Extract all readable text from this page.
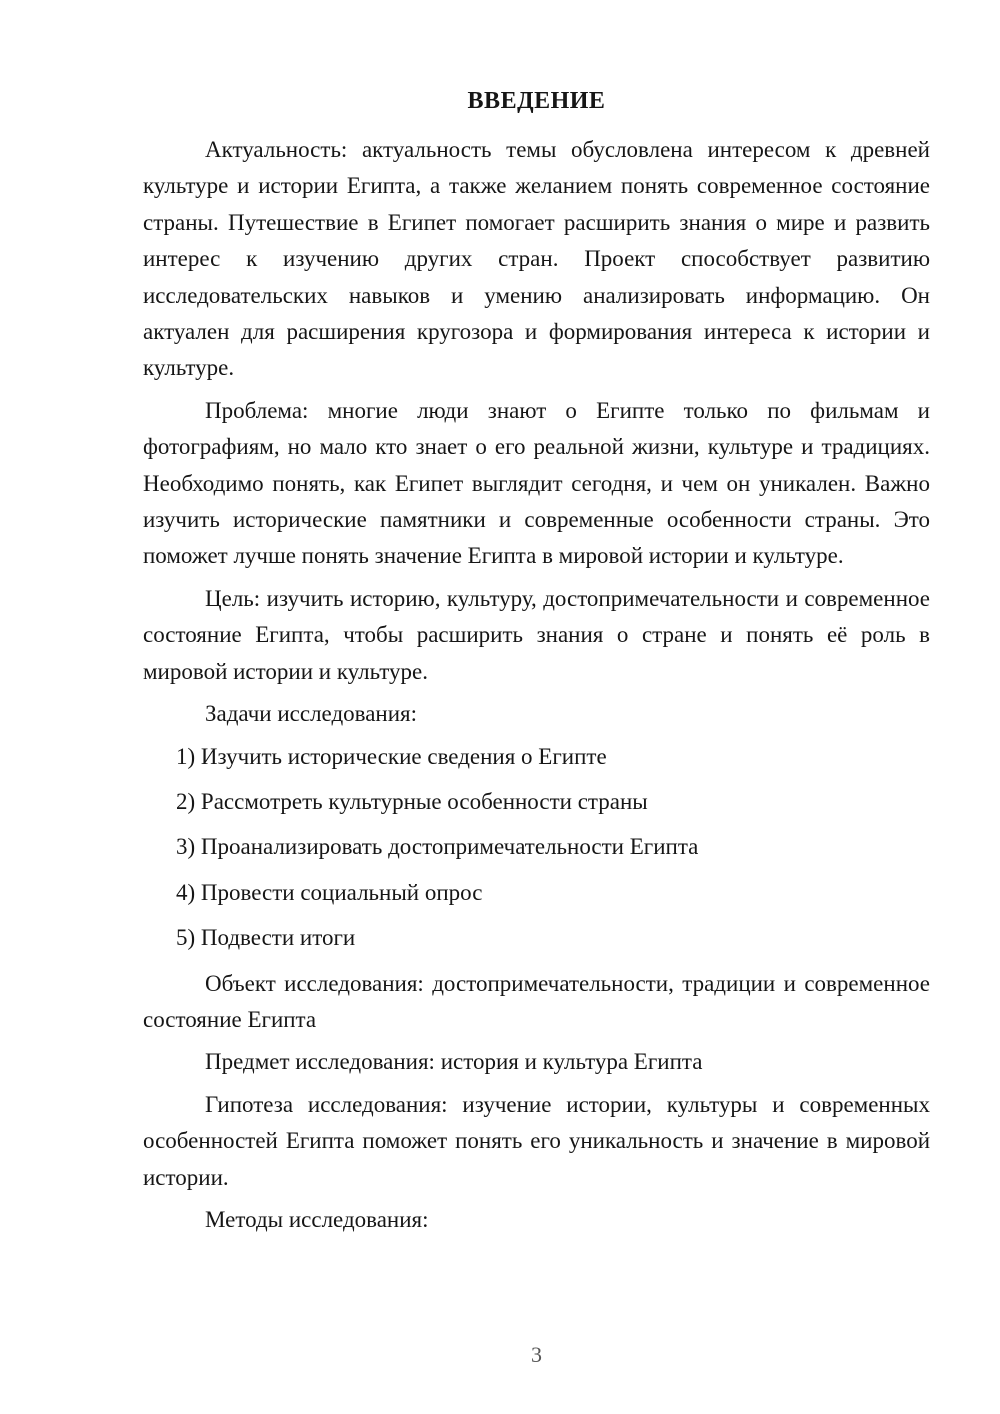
ВВЕДЕНИЕ

Актуальность: актуальность темы обусловлена интересом к древней культуре и истории Египта, а также желанием понять современное состояние страны. Путешествие в Египет помогает расширить знания о мире и развить интерес к изучению других стран. Проект способствует развитию исследовательских навыков и умению анализировать информацию. Он актуален для расширения кругозора и формирования интереса к истории и культуре.

Проблема: многие люди знают о Египте только по фильмам и фотографиям, но мало кто знает о его реальной жизни, культуре и традициях. Необходимо понять, как Египет выглядит сегодня, и чем он уникален. Важно изучить исторические памятники и современные особенности страны. Это поможет лучше понять значение Египта в мировой истории и культуре.

Цель: изучить историю, культуру, достопримечательности и современное состояние Египта, чтобы расширить знания о стране и понять её роль в мировой истории и культуре.

Задачи исследования:

1) Изучить исторические сведения о Египте

2) Рассмотреть культурные особенности страны

3) Проанализировать достопримечательности Египта

4) Провести социальный опрос

5) Подвести итоги

Объект исследования: достопримечательности, традиции и современное состояние Египта

Предмет исследования: история и культура Египта

Гипотеза исследования: изучение истории, культуры и современных особенностей Египта поможет понять его уникальность и значение в мировой истории.

Методы исследования:

3
